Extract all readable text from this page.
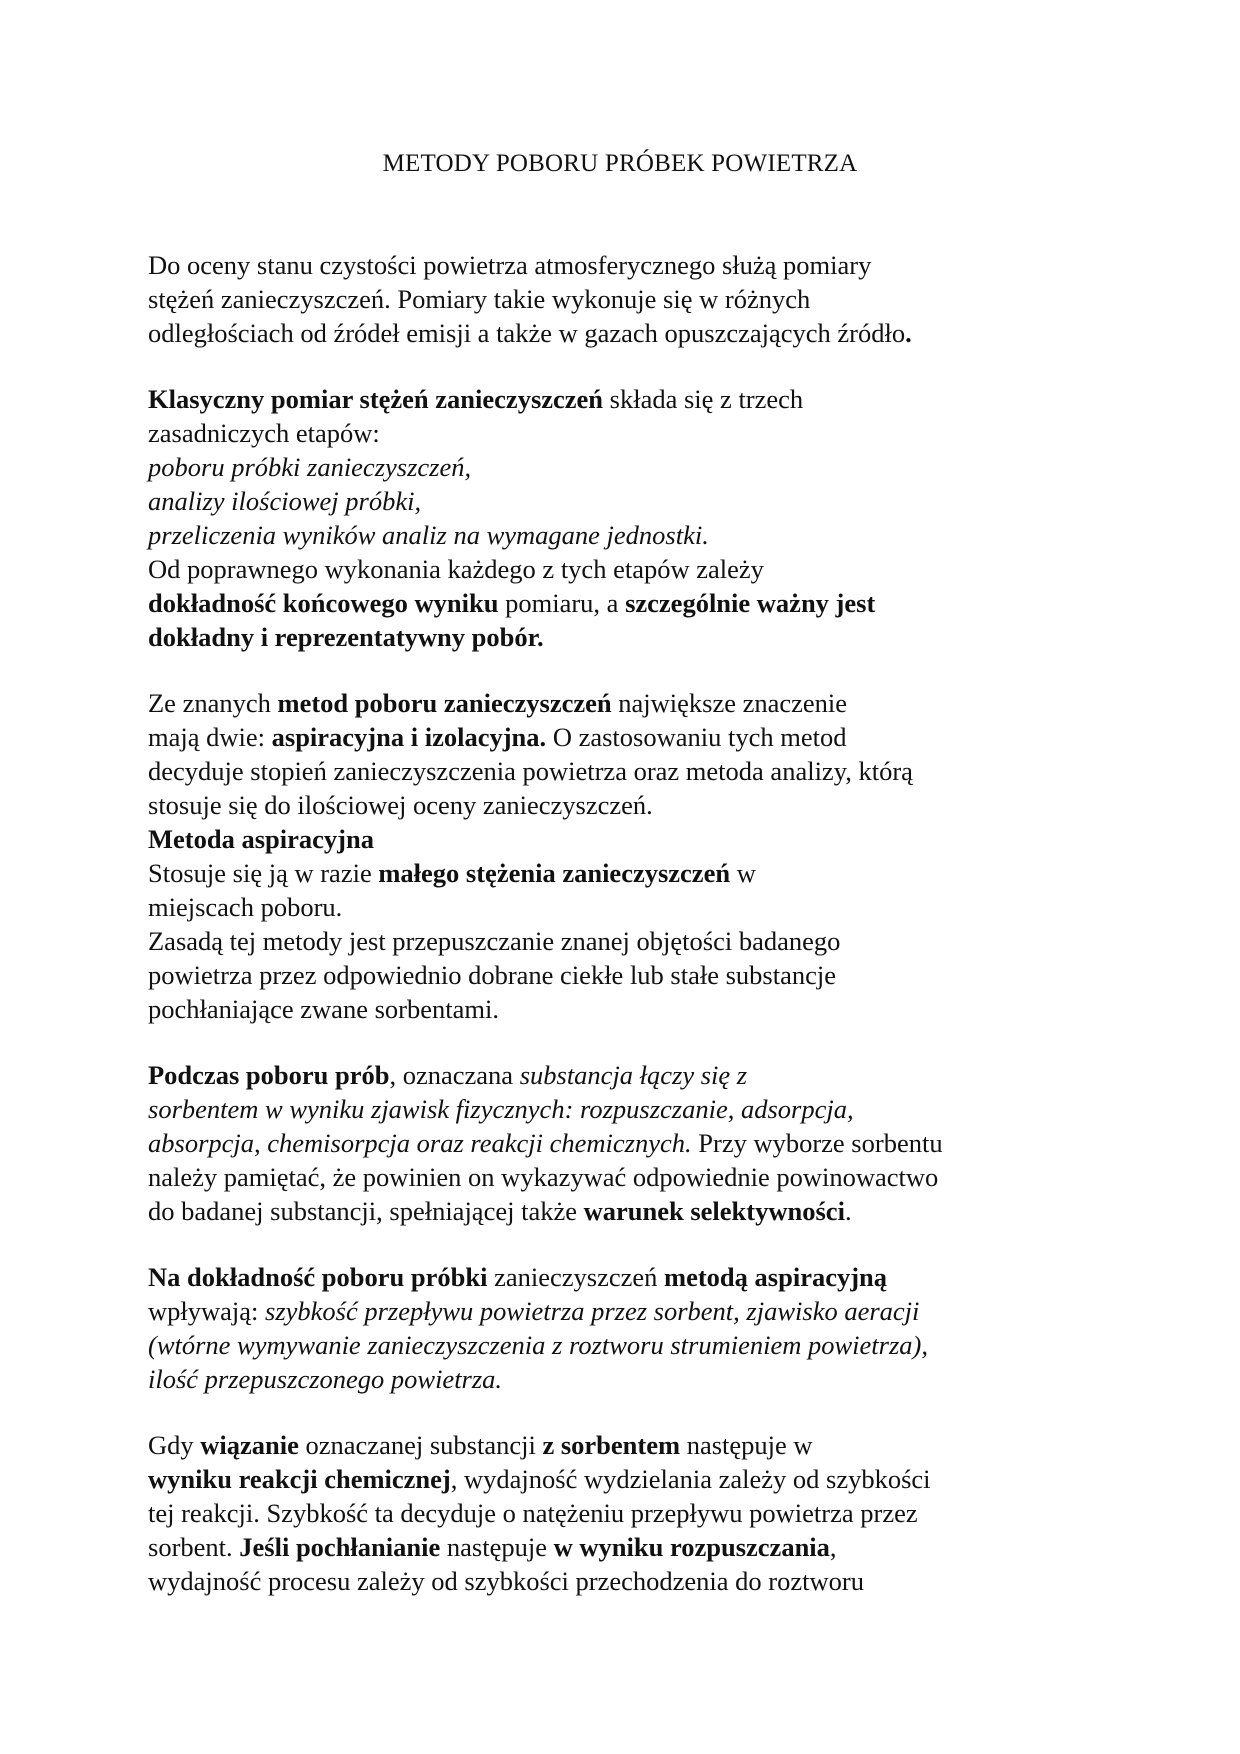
METODY POBORU PRÓBEK POWIETRZA
Do oceny stanu czystości powietrza atmosferycznego służą pomiary
stężeń zanieczyszczeń. Pomiary takie wykonuje się w różnych
odległościach od źródeł emisji a także w gazach opuszczających źródło.
Klasyczny pomiar stężeń zanieczyszczeń składa się z trzech
zasadniczych etapów:
poboru próbki zanieczyszczeń,
analizy ilościowej próbki,
przeliczenia wyników analiz na wymagane jednostki.
Od poprawnego wykonania każdego z tych etapów zależy
dokładność końcowego wyniku pomiaru, a szczególnie ważny jest
dokładny i reprezentatywny pobór.
Ze znanych metod poboru zanieczyszczeń największe znaczenie
mają dwie: aspiracyjna i izolacyjna. O zastosowaniu tych metod
decyduje stopień zanieczyszczenia powietrza oraz metoda analizy, którą
stosuje się do ilościowej oceny zanieczyszczeń.
Metoda aspiracyjna
Stosuje się ją w razie małego stężenia zanieczyszczeń w
miejscach poboru.
Zasadą tej metody jest przepuszczanie znanej objętości badanego
powietrza przez odpowiednio dobrane ciekłe lub stałe substancje
pochłaniające zwane sorbentami.
Podczas poboru prób, oznaczana substancja łączy się z
sorbentem w wyniku zjawisk fizycznych: rozpuszczanie, adsorpcja,
absorpcja, chemisorpcja oraz reakcji chemicznych. Przy wyborze sorbentu
należy pamiętać, że powinien on wykazywać odpowiednie powinowactwo
do badanej substancji, spełniającej także warunek selektywności.
Na dokładność poboru próbki zanieczyszczeń metodą aspiracyjną
wpływają: szybkość przepływu powietrza przez sorbent, zjawisko aeracji
(wtórne wymywanie zanieczyszczenia z roztworu strumieniem powietrza),
ilość przepuszczonego powietrza.
Gdy wiązanie oznaczanej substancji z sorbentem następuje w
wyniku reakcji chemicznej, wydajność wydzielania zależy od szybkości
tej reakcji. Szybkość ta decyduje o natężeniu przepływu powietrza przez
sorbent. Jeśli pochłanianie następuje w wyniku rozpuszczania,
wydajność procesu zależy od szybkości przechodzenia do roztworu
